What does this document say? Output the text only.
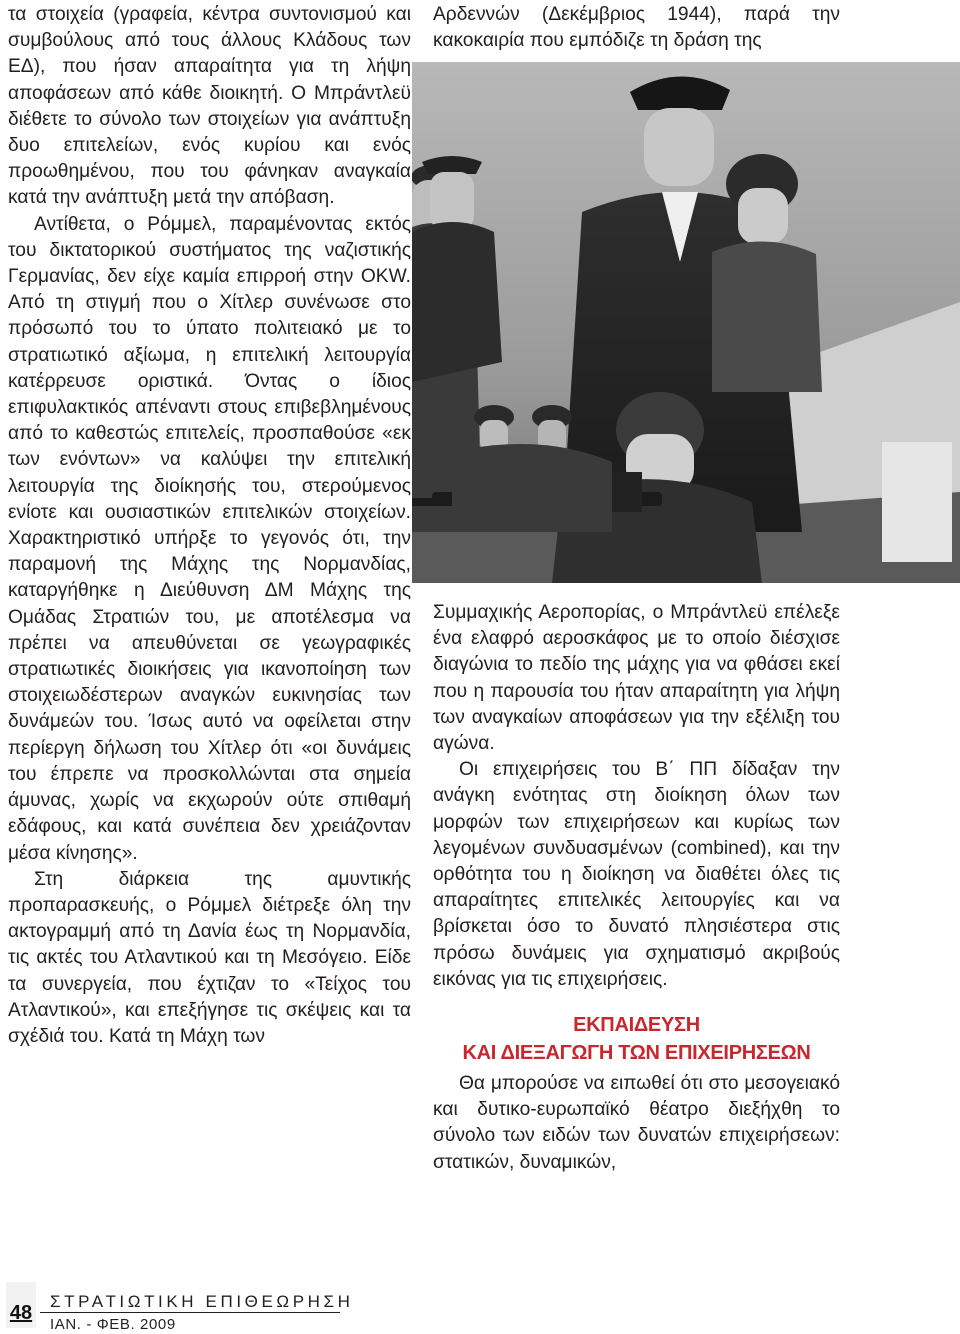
τα στοιχεία (γραφεία, κέντρα συντονισμού και συμβούλους από τους άλλους Κλάδους των ΕΔ), που ήσαν απαραίτητα για τη λήψη αποφάσεων από κάθε διοικητή. Ο Μπράντλεϋ διέθετε το σύνολο των στοιχείων για ανάπτυξη δυο επιτελείων, ενός κυρίου και ενός προωθημένου, που του φάνηκαν αναγκαία κατά την ανάπτυξη μετά την απόβαση.

Αντίθετα, ο Ρόμμελ, παραμένοντας εκτός του δικτατορικού συστήματος της ναζιστικής Γερμανίας, δεν είχε καμία επιρροή στην OKW. Από τη στιγμή που ο Χίτλερ συνένωσε στο πρόσωπό του το ύπατο πολιτειακό με το στρατιωτικό αξίωμα, η επιτελική λειτουργία κατέρρευσε οριστικά. Όντας ο ίδιος επιφυλακτικός απέναντι στους επιβεβλημένους από το καθεστώς επιτελείς, προσπαθούσε «εκ των ενόντων» να καλύψει την επιτελική λειτουργία της διοίκησής του, στερούμενος ενίοτε και ουσιαστικών επιτελικών στοιχείων. Χαρακτηριστικό υπήρξε το γεγονός ότι, την παραμονή της Μάχης της Νορμανδίας, καταργήθηκε η Διεύθυνση ΔΜ Μάχης της Ομάδας Στρατιών του, με αποτέλεσμα να πρέπει να απευθύνεται σε γεωγραφικές στρατιωτικές διοικήσεις για ικανοποίηση των στοιχειωδέστερων αναγκών ευκινησίας των δυνάμεών του. Ίσως αυτό να οφείλεται στην περίεργη δήλωση του Χίτλερ ότι «οι δυνάμεις του έπρεπε να προσκολλώνται στα σημεία άμυνας, χωρίς να εκχωρούν ούτε σπιθαμή εδάφους, και κατά συνέπεια δεν χρειάζονταν μέσα κίνησης».

Στη διάρκεια της αμυντικής προπαρασκευής, ο Ρόμμελ διέτρεξε όλη την ακτογραμμή από τη Δανία έως τη Νορμανδία, τις ακτές του Ατλαντικού και τη Μεσόγειο. Είδε τα συνεργεία, που έχτιζαν το «Τείχος του Ατλαντικού», και επεξήγησε τις σκέψεις και τα σχέδιά του. Κατά τη Μάχη των

Αρδεννών (Δεκέμβριος 1944), παρά την κακοκαιρία που εμπόδιζε τη δράση της

Συμμαχικής Αεροπορίας, ο Μπράντλεϋ επέλεξε ένα ελαφρό αεροσκάφος με το οποίο διέσχισε διαγώνια το πεδίο της μάχης για να φθάσει εκεί που η παρουσία του ήταν απαραίτητη για λήψη των αναγκαίων αποφάσεων για την εξέλιξη του αγώνα.

Οι επιχειρήσεις του Β΄ ΠΠ δίδαξαν την ανάγκη ενότητας στη διοίκηση όλων των μορφών των επιχειρήσεων και κυρίως των λεγομένων συνδυασμένων (combined), και την ορθότητα του η διοίκηση να διαθέτει όλες τις απαραίτητες επιτελικές λειτουργίες και να βρίσκεται όσο το δυνατό πλησιέστερα στις πρόσω δυνάμεις για σχηματισμό ακριβούς εικόνας για τις επιχειρήσεις.

ΕΚΠΑΙΔΕΥΣΗ
ΚΑΙ ΔΙΕΞΑΓΩΓΗ ΤΩΝ ΕΠΙΧΕΙΡΗΣΕΩΝ

Θα μπορούσε να ειπωθεί ότι στο μεσογειακό και δυτικο-ευρωπαϊκό θέατρο διεξήχθη το σύνολο των ειδών των δυνατών επιχειρήσεων: στατικών, δυναμικών,

48
ΣΤΡΑΤΙΩΤΙΚΗ ΕΠΙΘΕΩΡΗΣΗ
ΙΑΝ. - ΦΕΒ. 2009
